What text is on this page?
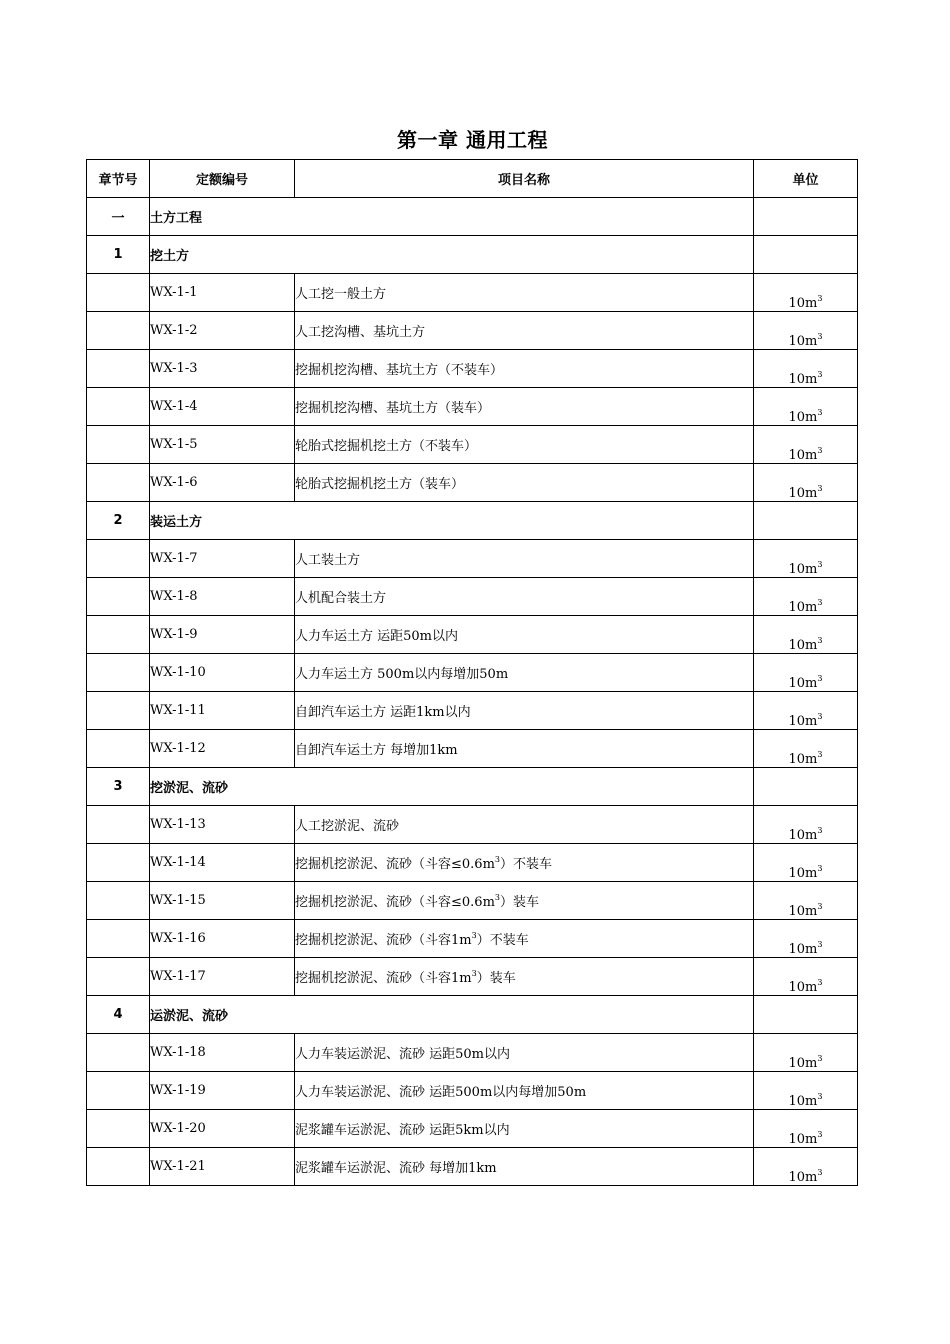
第一章 通用工程
章节号	定额编号	项目名称	单位
一	土方工程		
1	挖土方		
	WX-1-1	人工挖一般土方	$10m^3$
	WX-1-2	人工挖沟槽、基坑土方	$10m^3$
	WX-1-3	挖掘机挖沟槽、基坑土方（不装车）	$10m^3$
	WX-1-4	挖掘机挖沟槽、基坑土方（装车）	$10m^3$
	WX-1-5	轮胎式挖掘机挖土方（不装车）	$10m^3$
	WX-1-6	轮胎式挖掘机挖土方（装车）	$10m^3$
2	装运土方		
	WX-1-7	人工装土方	$10m^3$
	WX-1-8	人机配合装土方	$10m^3$
	WX-1-9	人力车运土方 运距50m以内	$10m^3$
	WX-1-10	人力车运土方 500m以内每增加50m	$10m^3$
	WX-1-11	自卸汽车运土方 运距1km以内	$10m^3$
	WX-1-12	自卸汽车运土方 每增加1km	$10m^3$
3	挖淤泥、流砂		
	WX-1-13	人工挖淤泥、流砂	$10m^3$
	WX-1-14	挖掘机挖淤泥、流砂（斗容$\le 0.6m^3$）不装车	$10m^3$
	WX-1-15	挖掘机挖淤泥、流砂（斗容$\le 0.6m^3$）装车	$10m^3$
	WX-1-16	挖掘机挖淤泥、流砂（斗容$1m^3$）不装车	$10m^3$
	WX-1-17	挖掘机挖淤泥、流砂（斗容$1m^3$）装车	$10m^3$
4	运淤泥、流砂		
	WX-1-18	人力车装运淤泥、流砂 运距50m以内	$10m^3$
	WX-1-19	人力车装运淤泥、流砂 运距500m以内每增加50m	$10m^3$
	WX-1-20	泥浆罐车运淤泥、流砂 运距5km以内	$10m^3$
	WX-1-21	泥浆罐车运淤泥、流砂 每增加1km	$10m^3$
